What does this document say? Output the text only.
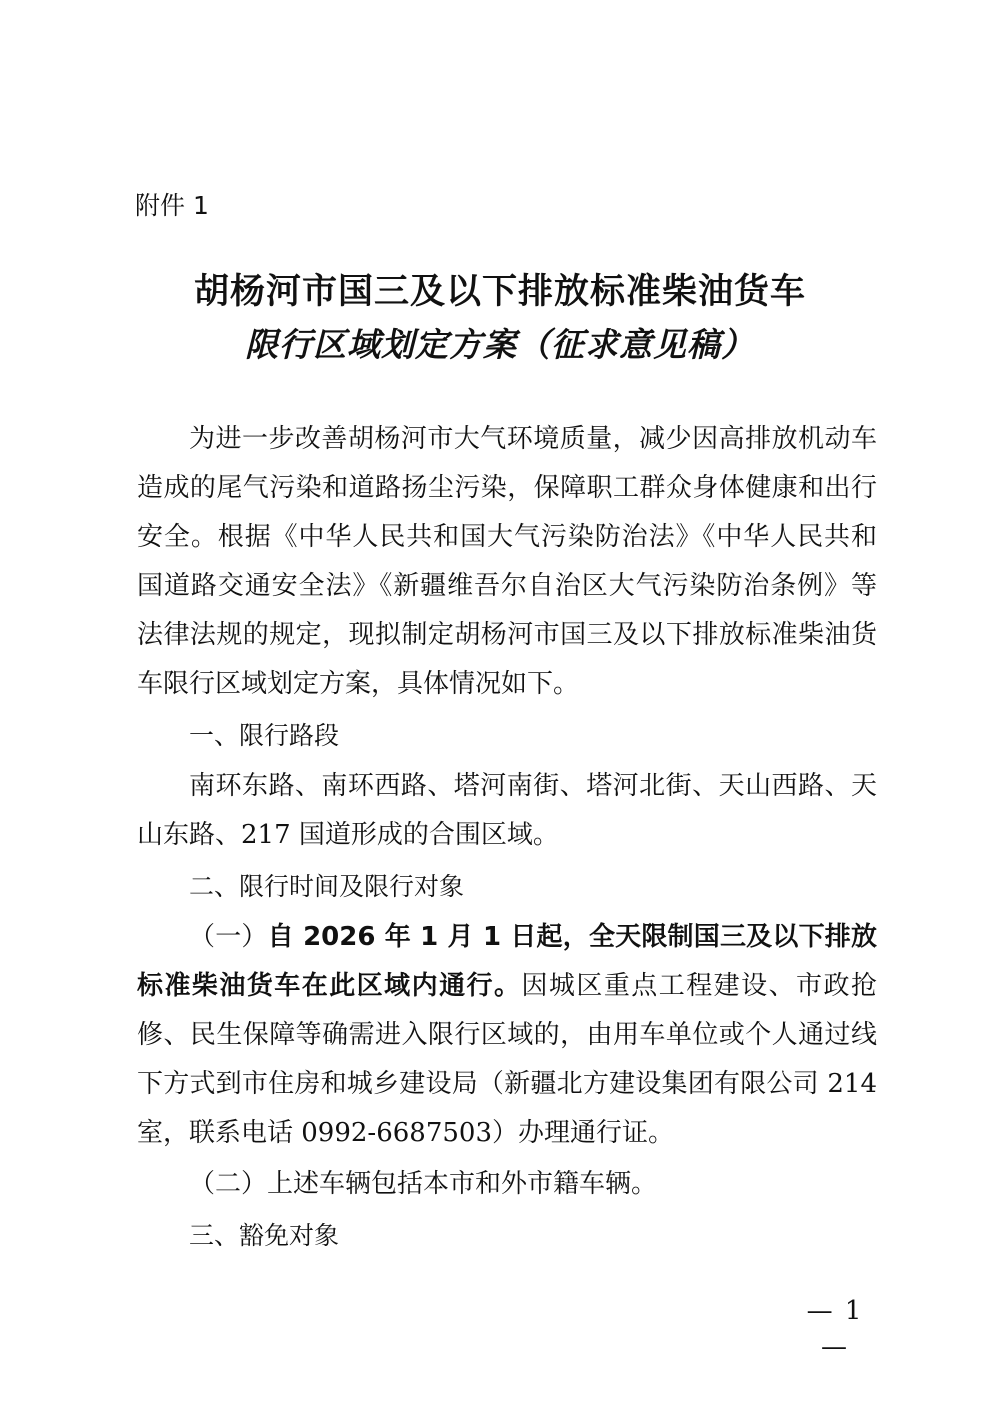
附件 1
胡杨河市国三及以下排放标准柴油货车
限行区域划定方案（征求意见稿）

为进一步改善胡杨河市大气环境质量，减少因高排放机动车造成的尾气污染和道路扬尘污染，保障职工群众身体健康和出行安全。根据《中华人民共和国大气污染防治法》《中华人民共和国道路交通安全法》《新疆维吾尔自治区大气污染防治条例》等法律法规的规定，现拟制定胡杨河市国三及以下排放标准柴油货车限行区域划定方案，具体情况如下。

一、限行路段

南环东路、南环西路、塔河南街、塔河北街、天山西路、天山东路、217 国道形成的合围区域。

二、限行时间及限行对象

（一）自 2026 年 1 月 1 日起，全天限制国三及以下排放标准柴油货车在此区域内通行。因城区重点工程建设、市政抢修、民生保障等确需进入限行区域的，由用车单位或个人通过线下方式到市住房和城乡建设局（新疆北方建设集团有限公司 214 室，联系电话 0992-6687503）办理通行证。

（二）上述车辆包括本市和外市籍车辆。

三、豁免对象

— 1 —
